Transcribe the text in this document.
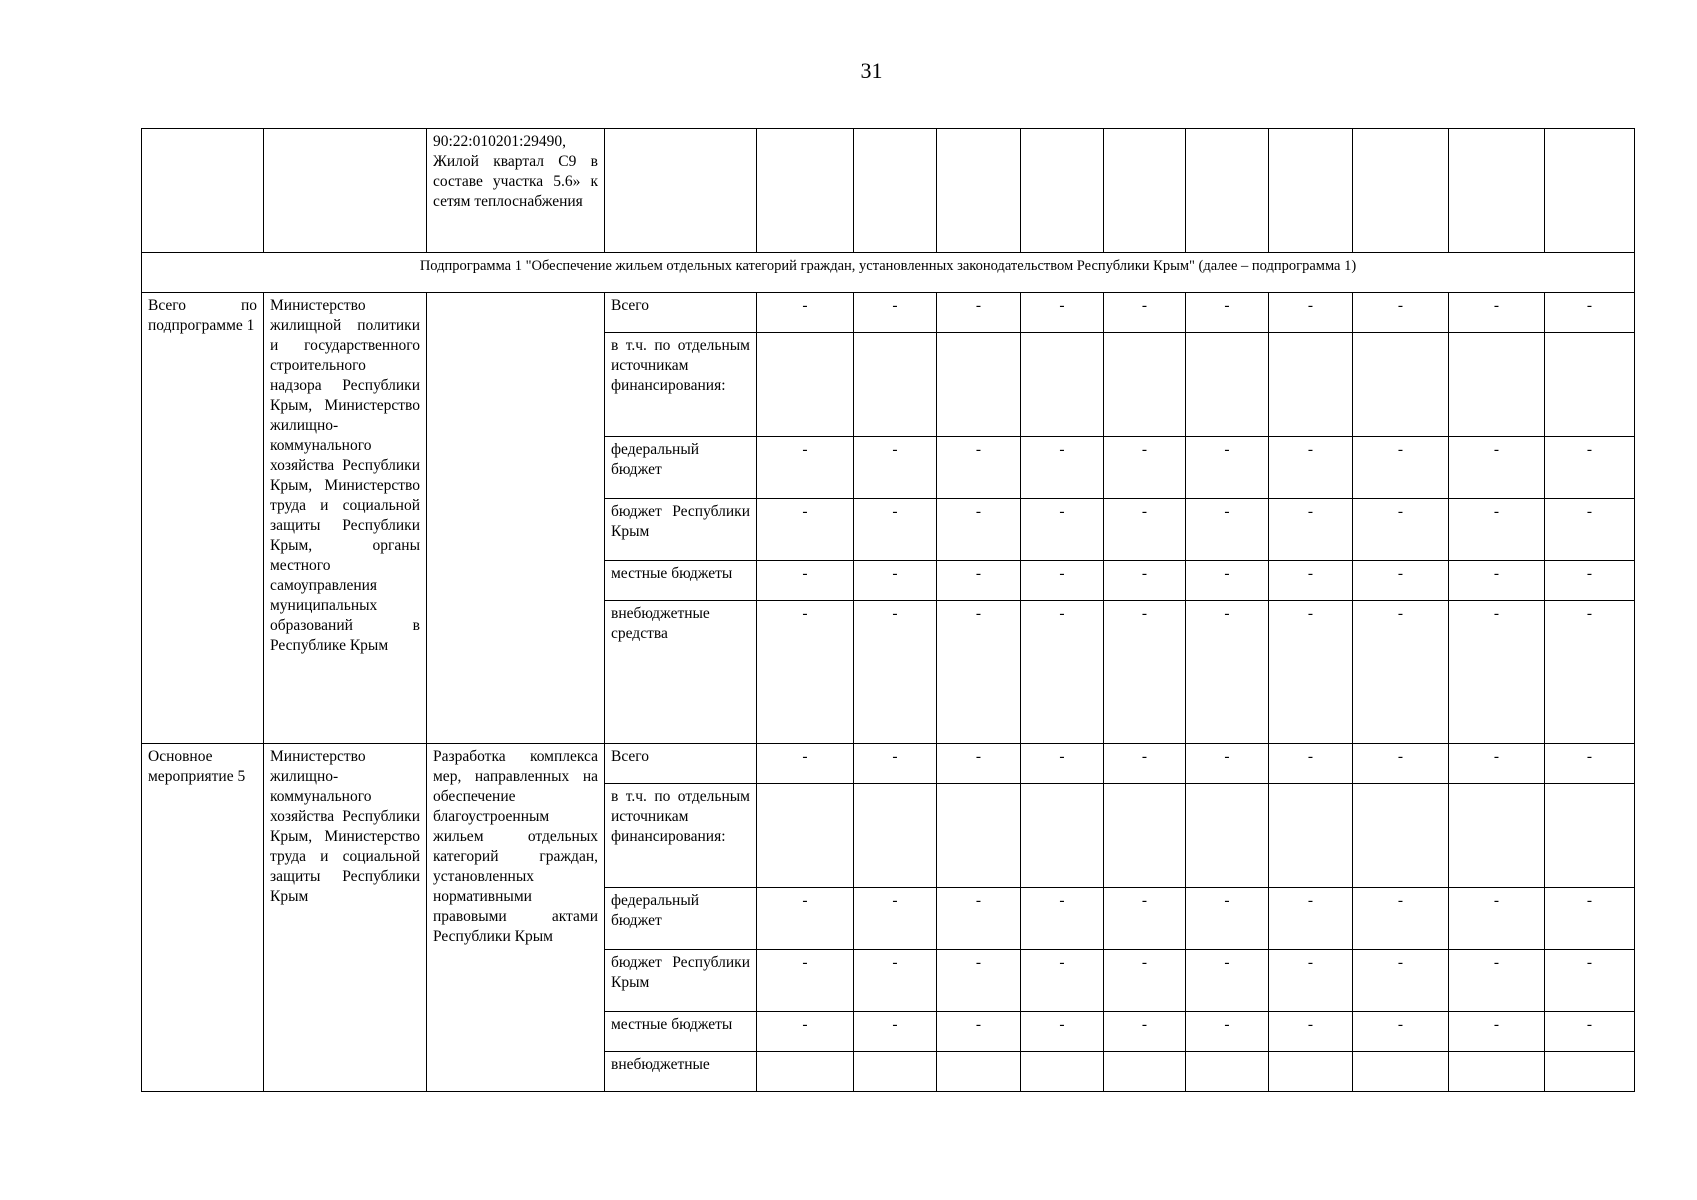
31
		90:22:010201:29490, Жилой квартал С9 в составе участка 5.6» к сетям теплоснабжения											
Подпрограмма 1 "Обеспечение жильем отдельных категорий граждан, установленных законодательством Республики Крым" (далее – подпрограмма 1)													
Всего по подпрограмме 1	Министерство жилищной политики и государственного строительного надзора Республики Крым, Министерство жилищно-коммунального хозяйства Республики Крым, Министерство труда и социальной защиты Республики Крым, органы местного самоуправления муниципальных образований в Республике Крым		Всего	-	-	-	-	-	-	-	-	-	-
			в т.ч. по отдельным источникам финансирования:										
			федеральный бюджет	-	-	-	-	-	-	-	-	-	-
			бюджет Республики Крым	-	-	-	-	-	-	-	-	-	-
			местные бюджеты	-	-	-	-	-	-	-	-	-	-
			внебюджетные средства	-	-	-	-	-	-	-	-	-	-
Основное мероприятие 5	Министерство жилищно-коммунального хозяйства Республики Крым, Министерство труда и социальной защиты Республики Крым	Разработка комплекса мер, направленных на обеспечение благоустроенным жильем отдельных категорий граждан, установленных нормативными правовыми актами Республики Крым	Всего	-	-	-	-	-	-	-	-	-	-
			в т.ч. по отдельным источникам финансирования:										
			федеральный бюджет	-	-	-	-	-	-	-	-	-	-
			бюджет Республики Крым	-	-	-	-	-	-	-	-	-	-
			местные бюджеты	-	-	-	-	-	-	-	-	-	-
			внебюджетные										
